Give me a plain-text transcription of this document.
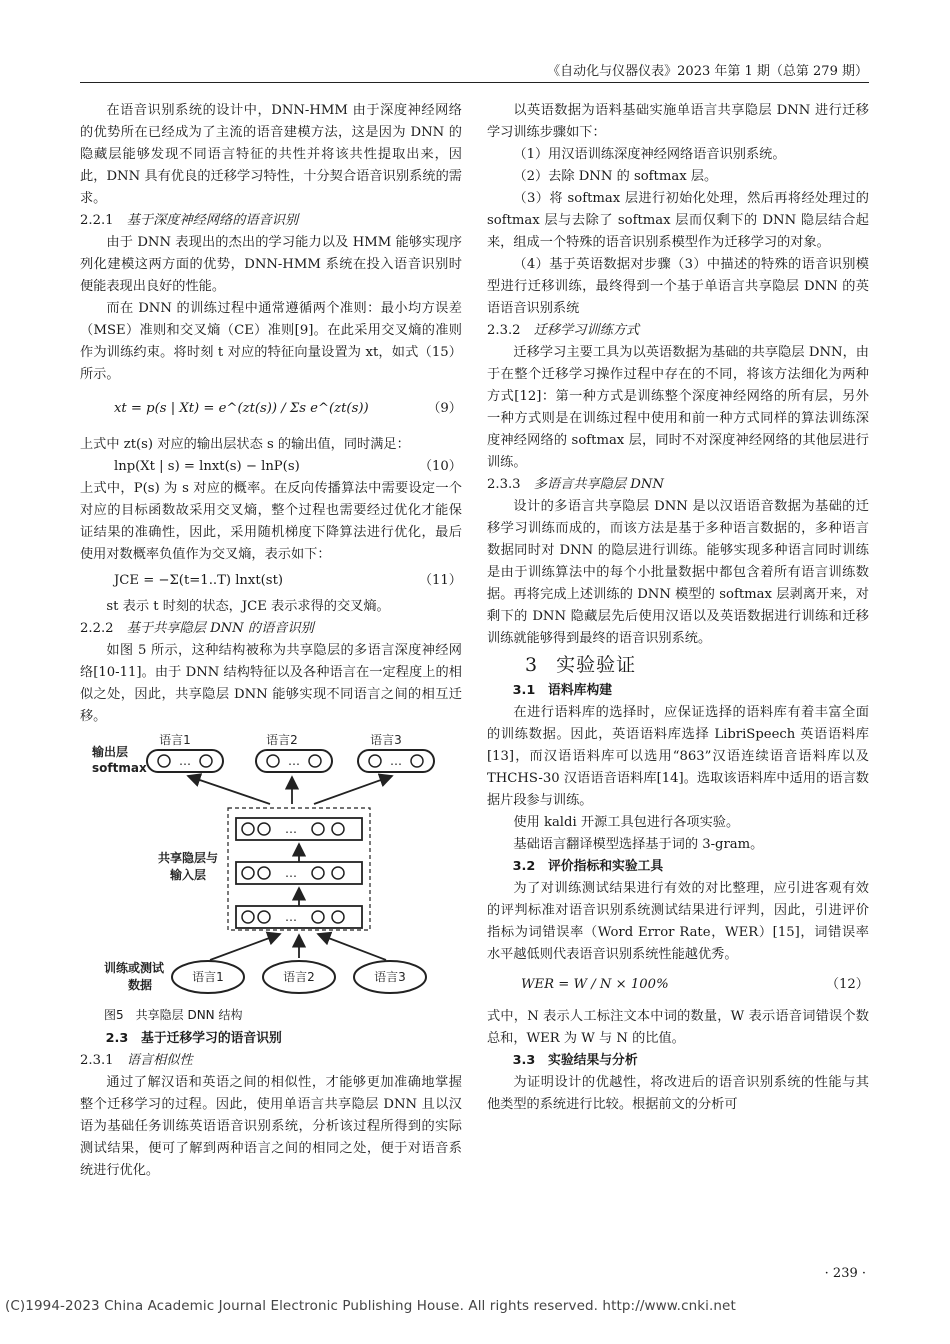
《自动化与仪器仪表》2023 年第 1 期（总第 279 期）

在语音识别系统的设计中，DNN-HMM 由于深度神经网络的优势所在已经成为了主流的语音建模方法，这是因为 DNN 的隐藏层能够发现不同语言特征的共性并将该共性提取出来，因此，DNN 具有优良的迁移学习特性，十分契合语音识别系统的需求。

2.2.1　 基于深度神经网络的语音识别

由于 DNN 表现出的杰出的学习能力以及 HMM 能够实现序列化建模这两方面的优势，DNN-HMM 系统在投入语音识别时便能表现出良好的性能。

而在 DNN 的训练过程中通常遵循两个准则：最小均方误差（MSE）准则和交叉熵（CE）准则[9]。在此采用交叉熵的准则作为训练约束。将时刻 t 对应的特征向量设置为 xt，如式（15）所示。

xt = p(s | Xt) = e^(zt(s)) / Σs e^(zt(s))	（9）

上式中 zt(s) 对应的输出层状态 s 的输出值，同时满足：

lnp(Xt | s) = lnxt(s) − lnP(s)	（10）

上式中，P(s) 为 s 对应的概率。在反向传播算法中需要设定一个对应的目标函数故采用交叉熵，整个过程也需要经过优化才能保证结果的准确性，因此，采用随机梯度下降算法进行优化，最后使用对数概率负值作为交叉熵，表示如下：

JCE = −Σ(t=1..T) lnxt(st)	（11）

st 表示 t 时刻的状态，JCE 表示求得的交叉熵。

2.2.2　 基于共享隐层 DNN 的语音识别

如图 5 所示，这种结构被称为共享隐层的多语言深度神经网络[10-11]。由于 DNN 结构特征以及各种语言在一定程度上的相似之处，因此，共享隐层 DNN 能够实现不同语言之间的相互迁移。

输出层
softmax
语言1	语言2	语言3
…	…	…
共享隐层与
输入层
…
…
…
训练或测试
数据
语言1	语言2	语言3

图5　共享隐层 DNN 结构

2.3　基于迁移学习的语音识别

2.3.1　 语言相似性

通过了解汉语和英语之间的相似性，才能够更加准确地掌握整个迁移学习的过程。因此，使用单语言共享隐层 DNN 且以汉语为基础任务训练英语语音识别系统，分析该过程所得到的实际测试结果，便可了解到两种语言之间的相同之处，便于对语音系统进行优化。

以英语数据为语料基础实施单语言共享隐层 DNN 进行迁移学习训练步骤如下：

（1）用汉语训练深度神经网络语音识别系统。

（2）去除 DNN 的 softmax 层。

（3）将 softmax 层进行初始化处理，然后再将经处理过的 softmax 层与去除了 softmax 层而仅剩下的 DNN 隐层结合起来，组成一个特殊的语音识别系模型作为迁移学习的对象。

（4）基于英语数据对步骤（3）中描述的特殊的语音识别模型进行迁移训练，最终得到一个基于单语言共享隐层 DNN 的英语语音识别系统

2.3.2　 迁移学习训练方式

迁移学习主要工具为以英语数据为基础的共享隐层 DNN，由于在整个迁移学习操作过程中存在的不同，将该方法细化为两种方式[12]：第一种方式是训练整个深度神经网络的所有层，另外一种方式则是在训练过程中使用和前一种方式同样的算法训练深度神经网络的 softmax 层，同时不对深度神经网络的其他层进行训练。

2.3.3　 多语言共享隐层 DNN

设计的多语言共享隐层 DNN 是以汉语语音数据为基础的迁移学习训练而成的，而该方法是基于多种语言数据的，多种语言数据同时对 DNN 的隐层进行训练。能够实现多种语言同时训练是由于训练算法中的每个小批量数据中都包含着所有语言训练数据。再将完成上述训练的 DNN 模型的 softmax 层剥离开来，对剩下的 DNN 隐藏层先后使用汉语以及英语数据进行训练和迁移训练就能够得到最终的语音识别系统。

3 实验验证

3.1　语料库构建

在进行语料库的选择时，应保证选择的语料库有着丰富全面的训练数据。因此，英语语料库选择 LibriSpeech 英语语料库[13]，而汉语语料库可以选用“863”汉语连续语音语料库以及 THCHS-30 汉语语音语料库[14]。选取该语料库中适用的语言数据片段参与训练。

使用 kaldi 开源工具包进行各项实验。

基础语言翻译模型选择基于词的 3-gram。

3.2　评价指标和实验工具

为了对训练测试结果进行有效的对比整理，应引进客观有效的评判标准对语音识别系统测试结果进行评判，因此，引进评价指标为词错误率（Word Error Rate，WER）[15]，词错误率水平越低则代表语音识别系统性能越优秀。

WER = W / N × 100%	（12）

式中，N 表示人工标注文本中词的数量，W 表示语音词错误个数总和，WER 为 W 与 N 的比值。

3.3　实验结果与分析

为证明设计的优越性，将改进后的语音识别系统的性能与其他类型的系统进行比较。根据前文的分析可

· 239 ·
(C)1994-2023 China Academic Journal Electronic Publishing House. All rights reserved. http://www.cnki.net
